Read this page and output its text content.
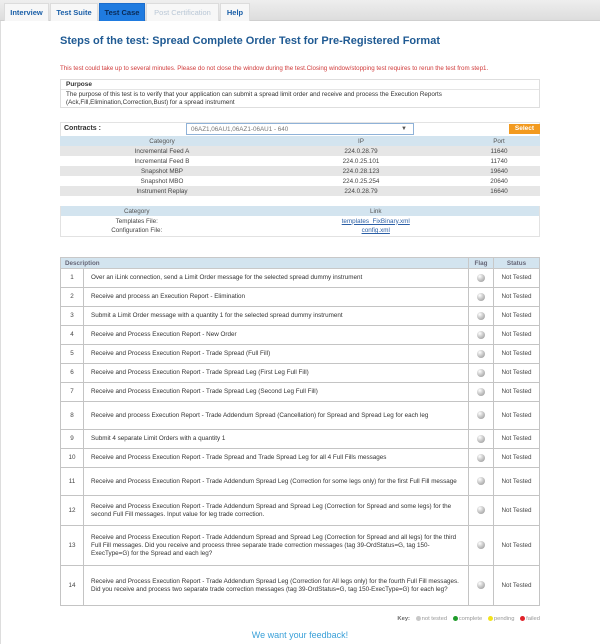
Interview	Test Suite	Test Case	Post Certification	Help
Steps of the test: Spread Complete Order Test for Pre-Registered Format
This test could take up to several minutes. Please do not close the window during the test.Closing window/stopping test requires to rerun the test from step1.
Purpose
The purpose of this test is to verify that your application can submit a spread limit order and receive and process the Execution Reports (Ack,Fill,Elimination,Correction,Bust) for a spread instrument
Contracts :	06AZ1,06AU1,06AZ1-06AU1 - 640	▼	Select
Category	IP	Port
Incremental Feed A	224.0.28.79	11640
Incremental Feed B	224.0.25.101	11740
Snapshot MBP	224.0.28.123	19640
Snapshot MBO	224.0.25.254	20640
Instrument Replay	224.0.28.79	16640
Category	Link
Templates File:	templates_FixBinary.xml
Configuration File:	config.xml
Description		Flag	Status
1	Over an iLink connection, send a Limit Order message for the selected spread dummy instrument		Not Tested
2	Receive and process an Execution Report - Elimination		Not Tested
3	Submit a Limit Order message with a quantity 1 for the selected spread dummy instrument		Not Tested
4	Receive and Process Execution Report - New Order		Not Tested
5	Receive and Process Execution Report - Trade Spread (Full Fill)		Not Tested
6	Receive and Process Execution Report - Trade Spread Leg (First Leg Full Fill)		Not Tested
7	Receive and Process Execution Report - Trade Spread Leg (Second Leg Full Fill)		Not Tested
8	Receive and process Execution Report - Trade Addendum Spread (Cancellation) for Spread and Spread Leg for each leg		Not Tested
9	Submit 4 separate Limit Orders with a quantity 1		Not Tested
10	Receive and Process Execution Report - Trade Spread and Trade Spread Leg for all 4 Full Fills messages		Not Tested
11	Receive and Process Execution Report - Trade Addendum Spread Leg (Correction for some legs only) for the first Full Fill message		Not Tested
12	Receive and Process Execution Report - Trade Addendum Spread and Spread Leg (Correction for Spread and some legs) for the second Full Fill messages. Input value for leg trade correction.		Not Tested
13	Receive and Process Execution Report - Trade Addendum Spread and Spread Leg (Correction for Spread and all legs) for the third Full Fill messages. Did you receive and process three separate trade correction messages (tag 39-OrdStatus=G, tag 150-ExecType=G) for the Spread and each leg?		Not Tested
14	Receive and Process Execution Report - Trade Addendum Spread Leg (Correction for All legs only) for the fourth Full Fill messages. Did you receive and process two separate trade correction messages (tag 39-OrdStatus=G, tag 150-ExecType=G) for each leg?		Not Tested
Key: not tested complete pending failed
We want your feedback!
